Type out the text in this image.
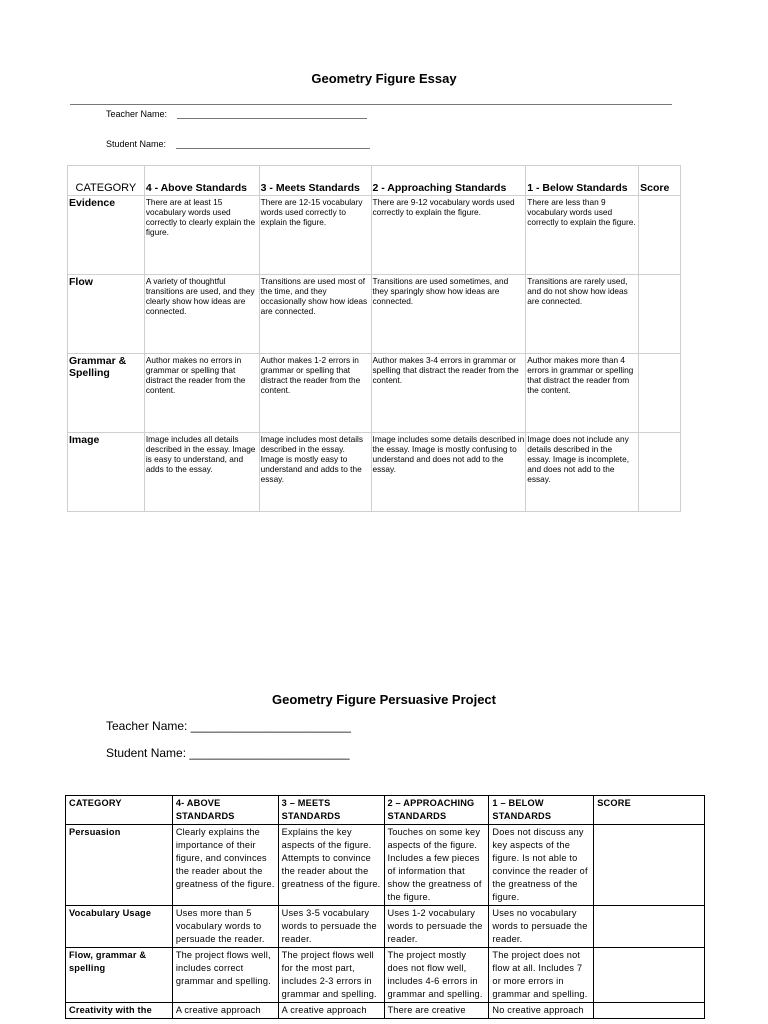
Geometry Figure Essay
Teacher Name:
Student Name:
CATEGORY	4 - Above Standards	3 - Meets Standards	2 - Approaching Standards	1 - Below Standards	Score
Evidence	There are at least 15 vocabulary words used correctly to clearly explain the figure.	There are 12-15 vocabulary words used correctly to explain the figure.	There are 9-12 vocabulary words used correctly to explain the figure.	There are less than 9 vocabulary words used correctly to explain the figure.	
Flow	A variety of thoughtful transitions are used, and they clearly show how ideas are connected.	Transitions are used most of the time, and they occasionally show how ideas are connected.	Transitions are used sometimes, and they sparingly show how ideas are connected.	Transitions are rarely used, and do not show how ideas are connected.	
Grammar & Spelling	Author makes no errors in grammar or spelling that distract the reader from the content.	Author makes 1-2 errors in grammar or spelling that distract the reader from the content.	Author makes 3-4 errors in grammar or spelling that distract the reader from the content.	Author makes more than 4 errors in grammar or spelling that distract the reader from the content.	
Image	Image includes all details described in the essay. Image is easy to understand, and adds to the essay.	Image includes most details described in the essay. Image is mostly easy to understand and adds to the essay.	Image includes some details described in the essay. Image is mostly confusing to understand and does not add to the essay.	Image does not include any details described in the essay. Image is incomplete, and does not add to the essay.	
Geometry Figure Persuasive Project
Teacher Name: ________________________
Student Name: ________________________
CATEGORY	4- ABOVE STANDARDS	3 – MEETS STANDARDS	2 – APPROACHING STANDARDS	1 – BELOW STANDARDS	SCORE
Persuasion	Clearly explains the importance of their figure, and convinces the reader about the greatness of the figure.	Explains the key aspects of the figure. Attempts to convince the reader about the greatness of the figure.	Touches on some key aspects of the figure. Includes a few pieces of information that show the greatness of the figure.	Does not discuss any key aspects of the figure. Is not able to convince the reader of the greatness of the figure.	
Vocabulary Usage	Uses more than 5 vocabulary words to persuade the reader.	Uses 3-5 vocabulary words to persuade the reader.	Uses 1-2 vocabulary words to persuade the reader.	Uses no vocabulary words to persuade the reader.	
Flow, grammar & spelling	The project flows well, includes correct grammar and spelling.	The project flows well for the most part, includes 2-3 errors in grammar and spelling.	The project mostly does not flow well, includes 4-6 errors in grammar and spelling.	The project does not flow at all. Includes 7 or more errors in grammar and spelling.	
Creativity with the	A creative approach	A creative approach	There are creative	No creative approach	
